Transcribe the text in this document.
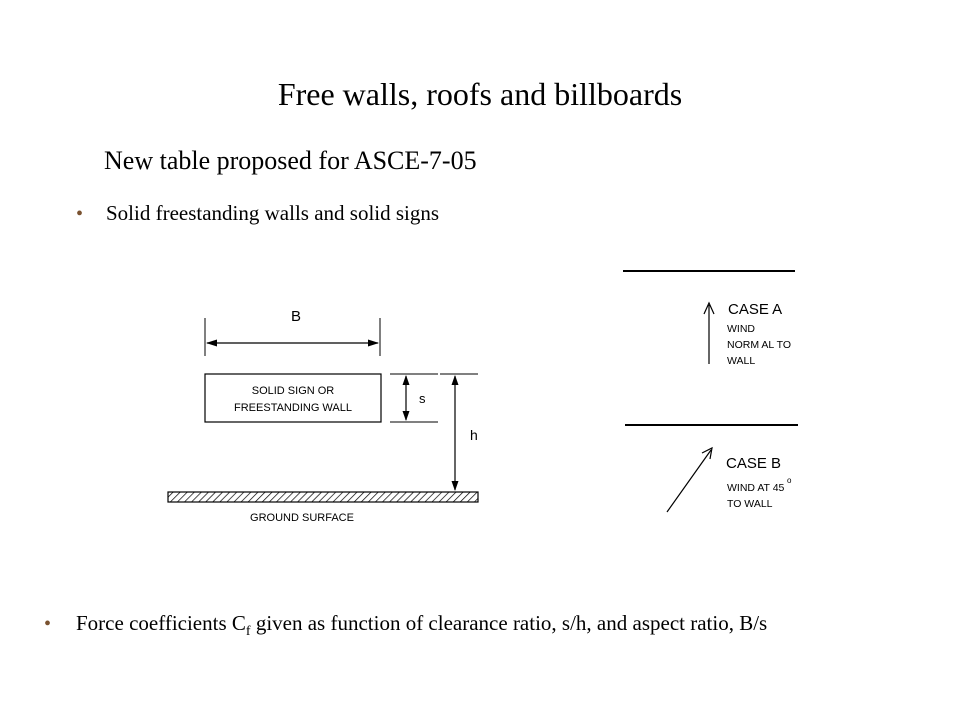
Free walls, roofs and billboards
New table proposed for ASCE-7-05
•	Solid freestanding walls and solid signs
•	Force coefficients $C_f$ given as function of clearance ratio, s/h, and aspect ratio, B/s
B
SOLID SIGN OR
FREESTANDING WALL
s
h
GROUND SURFACE
CASE A
WIND
NORM AL TO
WALL
CASE B
WIND AT 45
o
TO WALL
